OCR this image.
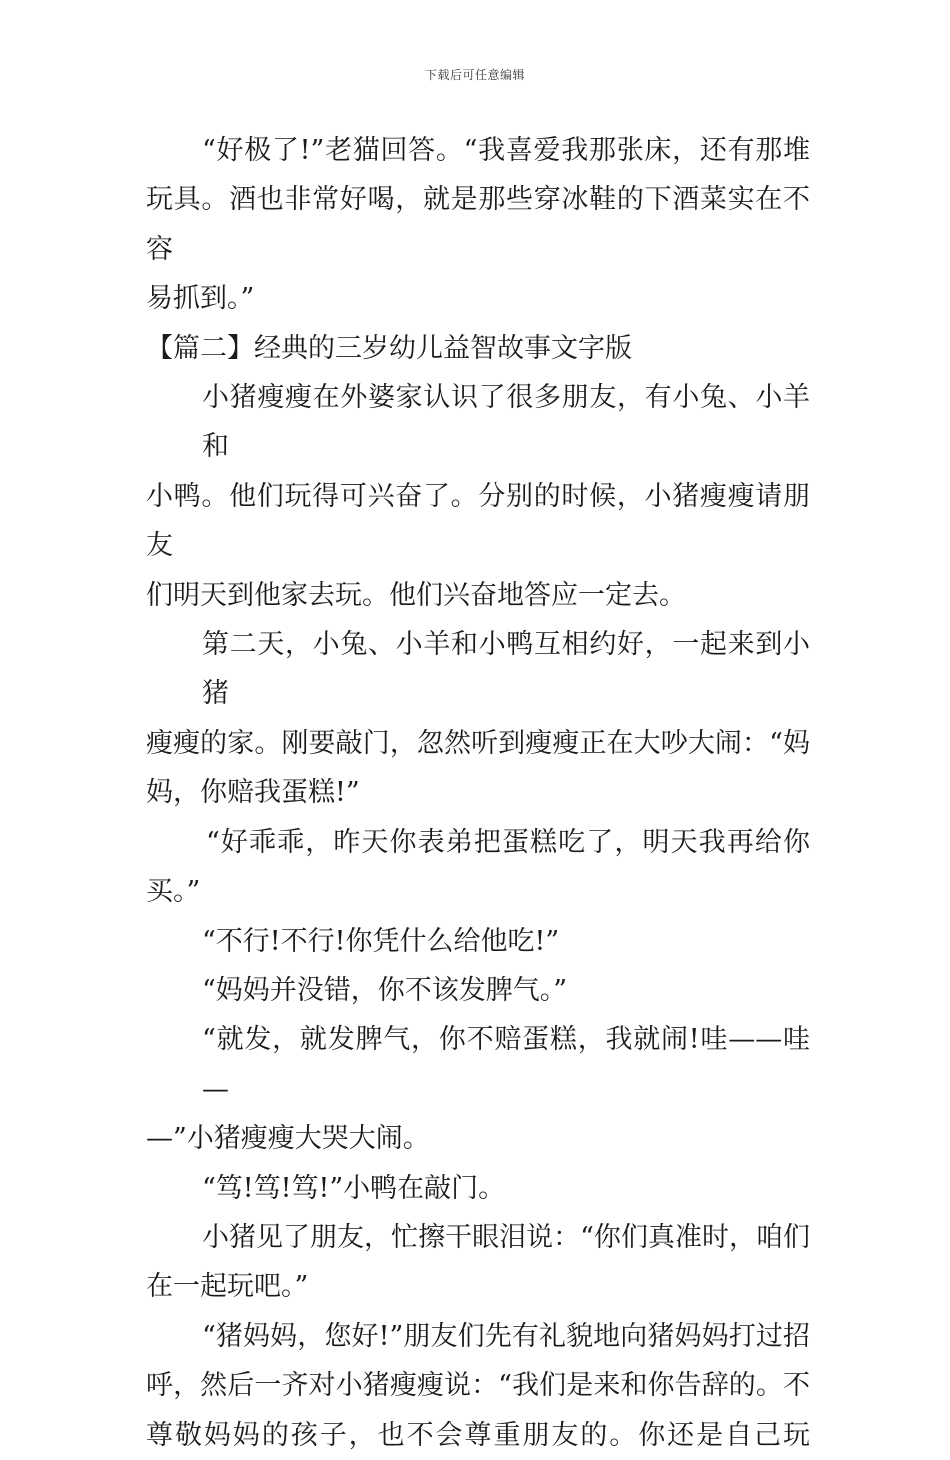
下载后可任意编辑
“好极了!”老猫回答。“我喜爱我那张床，还有那堆
玩具。酒也非常好喝，就是那些穿冰鞋的下酒菜实在不容
易抓到。”
【篇二】经典的三岁幼儿益智故事文字版
小猪瘦瘦在外婆家认识了很多朋友，有小兔、小羊和
小鸭。他们玩得可兴奋了。分别的时候，小猪瘦瘦请朋友
们明天到他家去玩。他们兴奋地答应一定去。
第二天，小兔、小羊和小鸭互相约好，一起来到小猪
瘦瘦的家。刚要敲门，忽然听到瘦瘦正在大吵大闹：“妈
妈，你赔我蛋糕!”
“好乖乖，昨天你表弟把蛋糕吃了，明天我再给你
买。”
“不行!不行!你凭什么给他吃!”
“妈妈并没错，你不该发脾气。”
“就发，就发脾气，你不赔蛋糕，我就闹!哇——哇—
—”小猪瘦瘦大哭大闹。
“笃!笃!笃!”小鸭在敲门。
小猪见了朋友，忙擦干眼泪说：“你们真准时，咱们
在一起玩吧。”
“猪妈妈，您好!”朋友们先有礼貌地向猪妈妈打过招
呼，然后一齐对小猪瘦瘦说：“我们是来和你告辞的。不
尊敬妈妈的孩子，也不会尊重朋友的。你还是自己玩
